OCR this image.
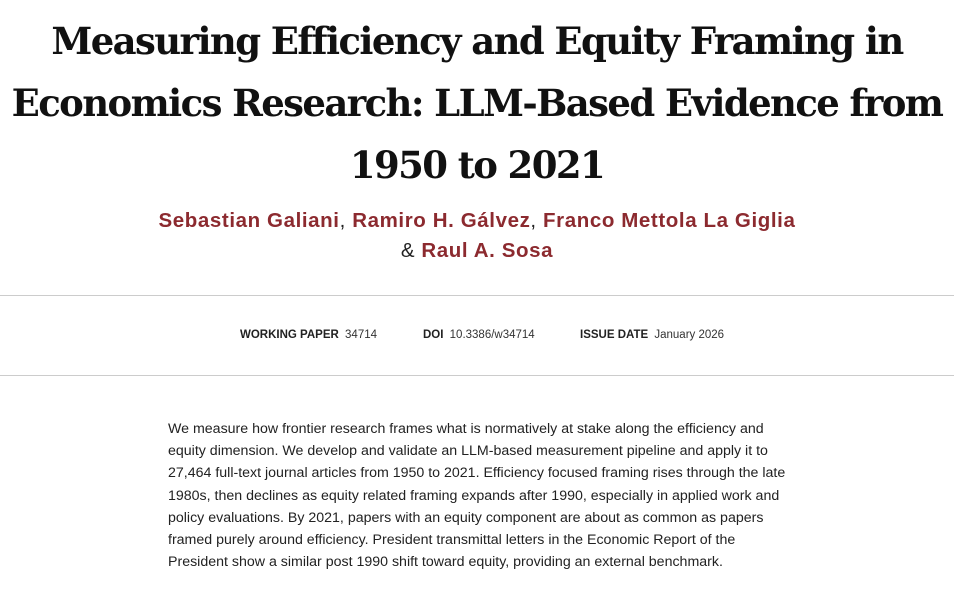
Measuring Efficiency and Equity Framing in Economics Research: LLM-Based Evidence from 1950 to 2021
Sebastian Galiani, Ramiro H. Gálvez, Franco Mettola La Giglia & Raul A. Sosa
WORKING PAPER 34714	DOI 10.3386/w34714	ISSUE DATE January 2026

We measure how frontier research frames what is normatively at stake along the efficiency and equity dimension. We develop and validate an LLM-based measurement pipeline and apply it to 27,464 full-text journal articles from 1950 to 2021. Efficiency focused framing rises through the late 1980s, then declines as equity related framing expands after 1990, especially in applied work and policy evaluations. By 2021, papers with an equity component are about as common as papers framed purely around efficiency. President transmittal letters in the Economic Report of the President show a similar post 1990 shift toward equity, providing an external benchmark.
